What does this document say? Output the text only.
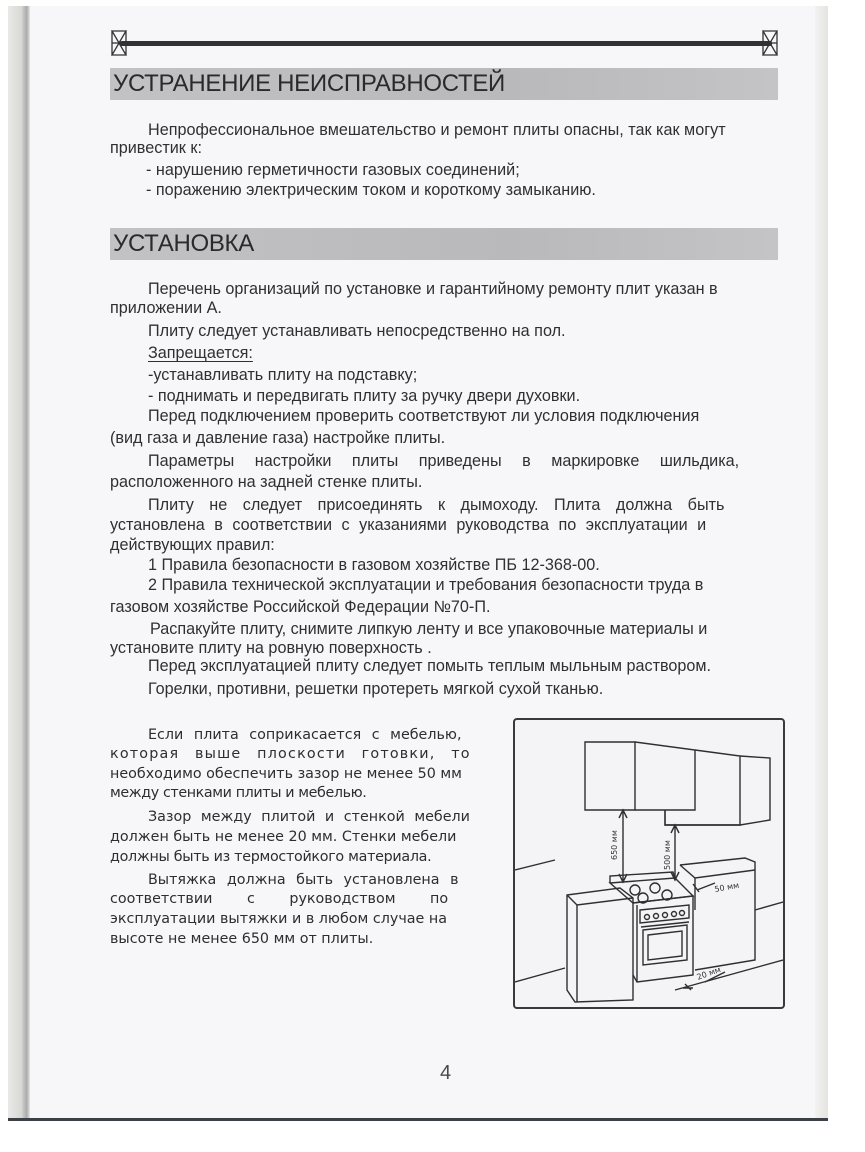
УСТРАНЕНИЕ НЕИСПРАВНОСТЕЙ
Непрофессиональное вмешательство и ремонт плиты опасны, так как могут
привестик к:
- нарушению герметичности газовых соединений;
- поражению электрическим током и короткому замыканию.
УСТАНОВКА
Перечень организаций по установке и гарантийному ремонту плит указан в
приложении А.
Плиту следует устанавливать непосредственно на пол.
Запрещается:
-устанавливать плиту на подставку;
- поднимать и передвигать плиту за ручку двери духовки.
Перед подключением проверить соответствуют ли условия подключения
(вид газа и давление газа) настройке плиты.
Параметры настройки плиты приведены в маркировке шильдика,
расположенного на задней стенке плиты.
Плиту не следует присоединять к дымоходу. Плита должна быть
установлена в соответствии с указаниями руководства по эксплуатации и
действующих правил:
1 Правила безопасности в газовом хозяйстве ПБ 12-368-00.
2 Правила технической эксплуатации и требования безопасности труда в
газовом хозяйстве Российской Федерации №70-П.
Распакуйте плиту, снимите липкую ленту и все упаковочные материалы и
установите плиту на ровную поверхность .
Перед эксплуатацией плиту следует помыть теплым мыльным раствором.
Горелки, противни, решетки протереть мягкой сухой тканью.
Если плита соприкасается с мебелью,
которая выше плоскости готовки, то
необходимо обеспечить зазор не менее 50 мм
между стенками плиты и мебелью.
Зазор между плитой и стенкой мебели
должен быть не менее 20 мм. Стенки мебели
должны быть из термостойкого материала.
Вытяжка должна быть установлена в
соответствии с руководством по
эксплуатации вытяжки и в любом случае на
высоте не менее 650 мм от плиты.
650 мм	500 мм
50 мм
20 мм
4
